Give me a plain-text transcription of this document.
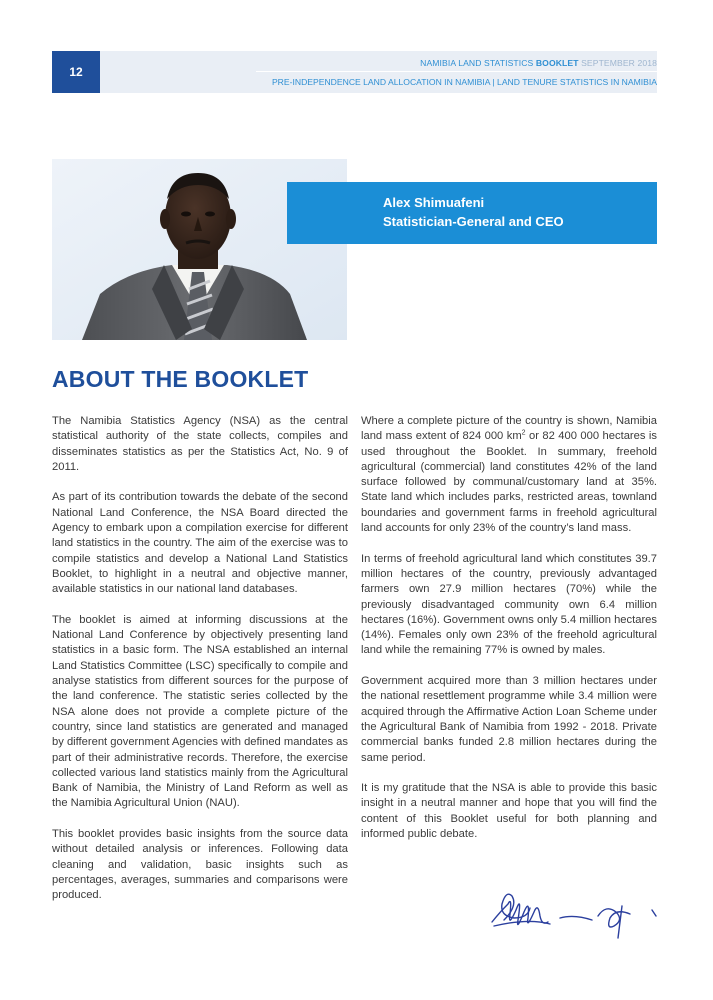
12
NAMIBIA LAND STATISTICS BOOKLET SEPTEMBER 2018
PRE-INDEPENDENCE LAND ALLOCATION IN NAMIBIA | LAND TENURE STATISTICS IN NAMIBIA
Alex Shimuafeni
Statistician-General and CEO
ABOUT THE BOOKLET

The Namibia Statistics Agency (NSA) as the central statistical authority of the state collects, compiles and disseminates statistics as per the Statistics Act, No. 9 of 2011.

As part of its contribution towards the debate of the second National Land Conference, the NSA Board directed the Agency to embark upon a compilation exercise for different land statistics in the country. The aim of the exercise was to compile statistics and develop a National Land Statistics Booklet, to highlight in a neutral and objective manner, available statistics in our national land databases.

The booklet is aimed at informing discussions at the National Land Conference by objectively presenting land statistics in a basic form. The NSA established an internal Land Statistics Committee (LSC) specifically to compile and analyse statistics from different sources for the purpose of the land conference. The statistic series collected by the NSA alone does not provide a complete picture of the country, since land statistics are generated and managed by different government Agencies with defined mandates as part of their administrative records. Therefore, the exercise collected various land statistics mainly from the Agricultural Bank of Namibia, the Ministry of Land Reform as well as the Namibia Agricultural Union (NAU).

This booklet provides basic insights from the source data without detailed analysis or inferences. Following data cleaning and validation, basic insights such as percentages, averages, summaries and comparisons were produced.

Where a complete picture of the country is shown, Namibia land mass extent of 824 000 $km^2$ or 82 400 000 hectares is used throughout the Booklet. In summary, freehold agricultural (commercial) land constitutes 42% of the land surface followed by communal/customary land at 35%. State land which includes parks, restricted areas, townland boundaries and government farms in freehold agricultural land accounts for only 23% of the country’s land mass.

In terms of freehold agricultural land which constitutes 39.7 million hectares of the country, previously advantaged farmers own 27.9 million hectares (70%) while the previously disadvantaged community own 6.4 million hectares (16%). Government owns only 5.4 million hectares (14%). Females only own 23% of the freehold agricultural land while the remaining 77% is owned by males.

Government acquired more than 3 million hectares under the national resettlement programme while 3.4 million were acquired through the Affirmative Action Loan Scheme under the Agricultural Bank of Namibia from 1992 - 2018. Private commercial banks funded 2.8 million hectares during the same period.

It is my gratitude that the NSA is able to provide this basic insight in a neutral manner and hope that you will find the content of this Booklet useful for both planning and informed public debate.
